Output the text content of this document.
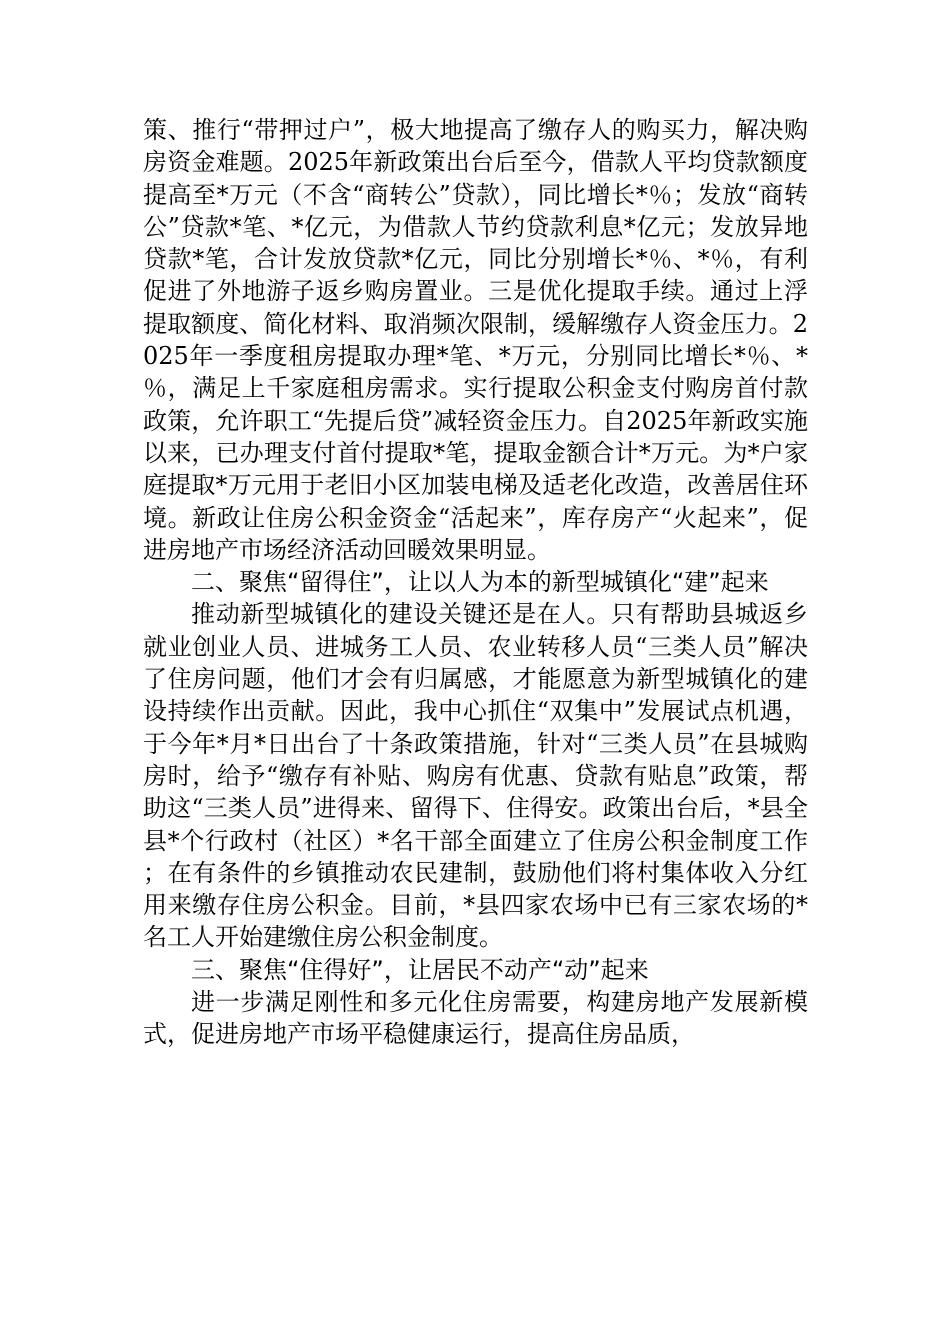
策、推行“带押过户”，极大地提高了缴存人的购买力，解决购房资金难题。2025年新政策出台后至今，借款人平均贷款额度提高至*万元（不含“商转公”贷款），同比增长*％；发放“商转公”贷款*笔、*亿元，为借款人节约贷款利息*亿元；发放异地贷款*笔，合计发放贷款*亿元，同比分别增长*％、*％，有利促进了外地游子返乡购房置业。三是优化提取手续。通过上浮提取额度、简化材料、取消频次限制，缓解缴存人资金压力。2025年一季度租房提取办理*笔、*万元，分别同比增长*％、*％，满足上千家庭租房需求。实行提取公积金支付购房首付款政策，允许职工“先提后贷”减轻资金压力。自2025年新政实施以来，已办理支付首付提取*笔，提取金额合计*万元。为*户家庭提取*万元用于老旧小区加装电梯及适老化改造，改善居住环境。新政让住房公积金资金“活起来”，库存房产“火起来”，促进房地产市场经济活动回暖效果明显。

二、聚焦“留得住”，让以人为本的新型城镇化“建”起来

推动新型城镇化的建设关键还是在人。只有帮助县城返乡就业创业人员、进城务工人员、农业转移人员“三类人员”解决了住房问题，他们才会有归属感，才能愿意为新型城镇化的建设持续作出贡献。因此，我中心抓住“双集中”发展试点机遇，于今年*月*日出台了十条政策措施，针对“三类人员”在县城购房时，给予“缴存有补贴、购房有优惠、贷款有贴息”政策，帮助这“三类人员”进得来、留得下、住得安。政策出台后，*县全县*个行政村（社区）*名干部全面建立了住房公积金制度工作；在有条件的乡镇推动农民建制，鼓励他们将村集体收入分红用来缴存住房公积金。目前，*县四家农场中已有三家农场的*名工人开始建缴住房公积金制度。

三、聚焦“住得好”，让居民不动产“动”起来

进一步满足刚性和多元化住房需要，构建房地产发展新模式，促进房地产市场平稳健康运行，提高住房品质，
